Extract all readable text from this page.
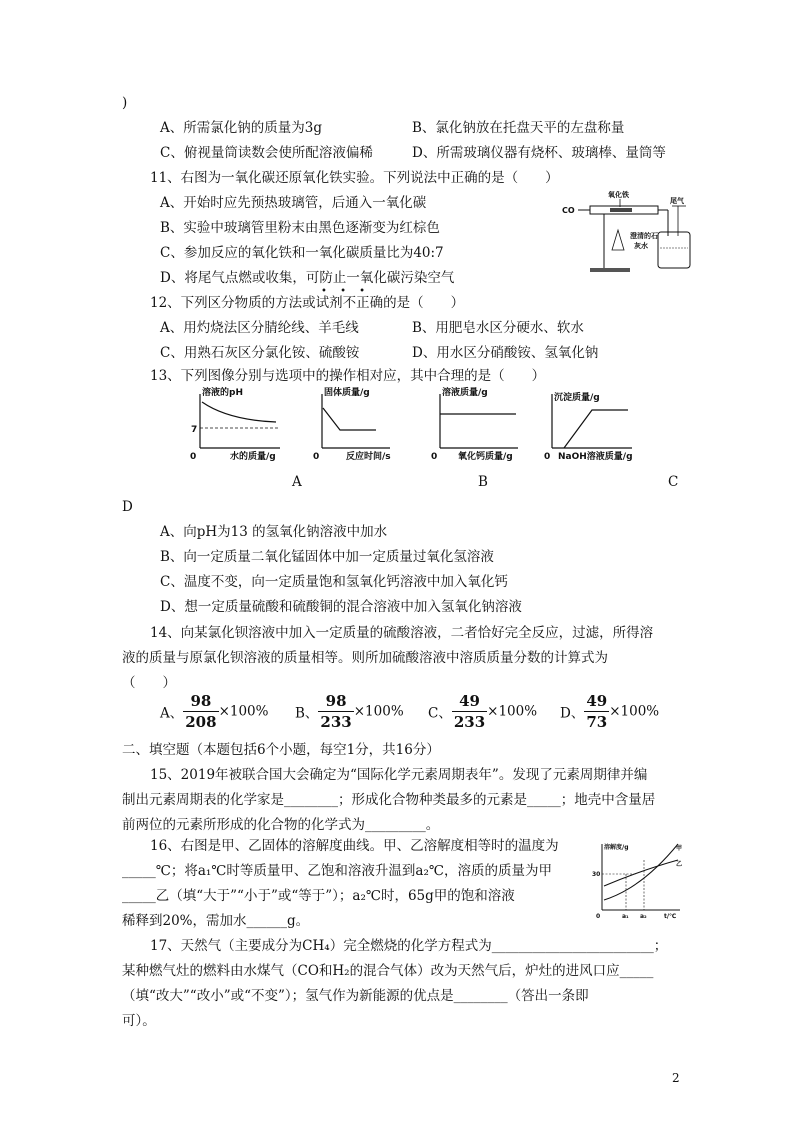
)
A、所需氯化钠的质量为3g	B、氯化钠放在托盘天平的左盘称量
C、俯视量筒读数会使所配溶液偏稀	D、所需玻璃仪器有烧杯、玻璃棒、量筒等
11、右图为一氧化碳还原氧化铁实验。下列说法中正确的是（　　）
A、开始时应先预热玻璃管，后通入一氧化碳
B、实验中玻璃管里粉末由黑色逐渐变为红棕色
C、参加反应的氧化铁和一氧化碳质量比为40:7
D、将尾气点燃或收集，可防止一氧化碳污染空气
CO
氧化铁
尾气
澄清的石
灰水
• • •
12、下列区分物质的方法或试剂不正确的是（　　）
A、用灼烧法区分腈纶线、羊毛线	B、用肥皂水区分硬水、软水
C、用熟石灰区分氯化铵、硫酸铵	D、用水区分硝酸铵、氢氧化钠
13、下列图像分别与选项中的操作相对应，其中合理的是（　　）
溶液的pH
7
0	水的质量/g
固体质量/g
0	反应时间/s
溶液质量/g
0 氧化钙质量/g
沉淀质量/g
0 NaOH溶液质量/g
A	B	C
D
A、向pH为13 的氢氧化钠溶液中加水
B、向一定质量二氧化锰固体中加一定质量过氧化氢溶液
C、温度不变，向一定质量饱和氢氧化钙溶液中加入氧化钙
D、想一定质量硫酸和硫酸铜的混合溶液中加入氢氧化钠溶液
14、向某氯化钡溶液中加入一定质量的硫酸溶液，二者恰好完全反应，过滤，所得溶
液的质量与原氯化钡溶液的质量相等。则所加硫酸溶液中溶质质量分数的计算式为
（　　）
A、 $\frac{98}{208} \times 100\%$ B、 $\frac{98}{233} \times 100\%$ C、 $\frac{49}{233} \times 100\%$ D、 $\frac{49}{73} \times 100\%$
二、填空题（本题包括6个小题，每空1分，共16分）
15、2019年被联合国大会确定为“国际化学元素周期表年”。发现了元素周期律并编
制出元素周期表的化学家是________；形成化合物种类最多的元素是_____；地壳中含量居
前两位的元素所形成的化合物的化学式为_________。
16、右图是甲、乙固体的溶解度曲线。甲、乙溶解度相等时的温度为
_____℃；将a₁℃时等质量甲、乙饱和溶液升温到a₂℃，溶质的质量为甲
_____乙（填“大于”“小于”或“等于”）；a₂℃时，65g甲的饱和溶液
稀释到20%，需加水______g。
溶解度/g
30
甲
乙
0	a₁ a₂	t/℃
17、天然气（主要成分为CH₄）完全燃烧的化学方程式为________________________；
某种燃气灶的燃料由水煤气（CO和H₂的混合气体）改为天然气后，炉灶的进风口应_____
（填“改大”“改小”或“不变”）；氢气作为新能源的优点是________（答出一条即
可）。
2
